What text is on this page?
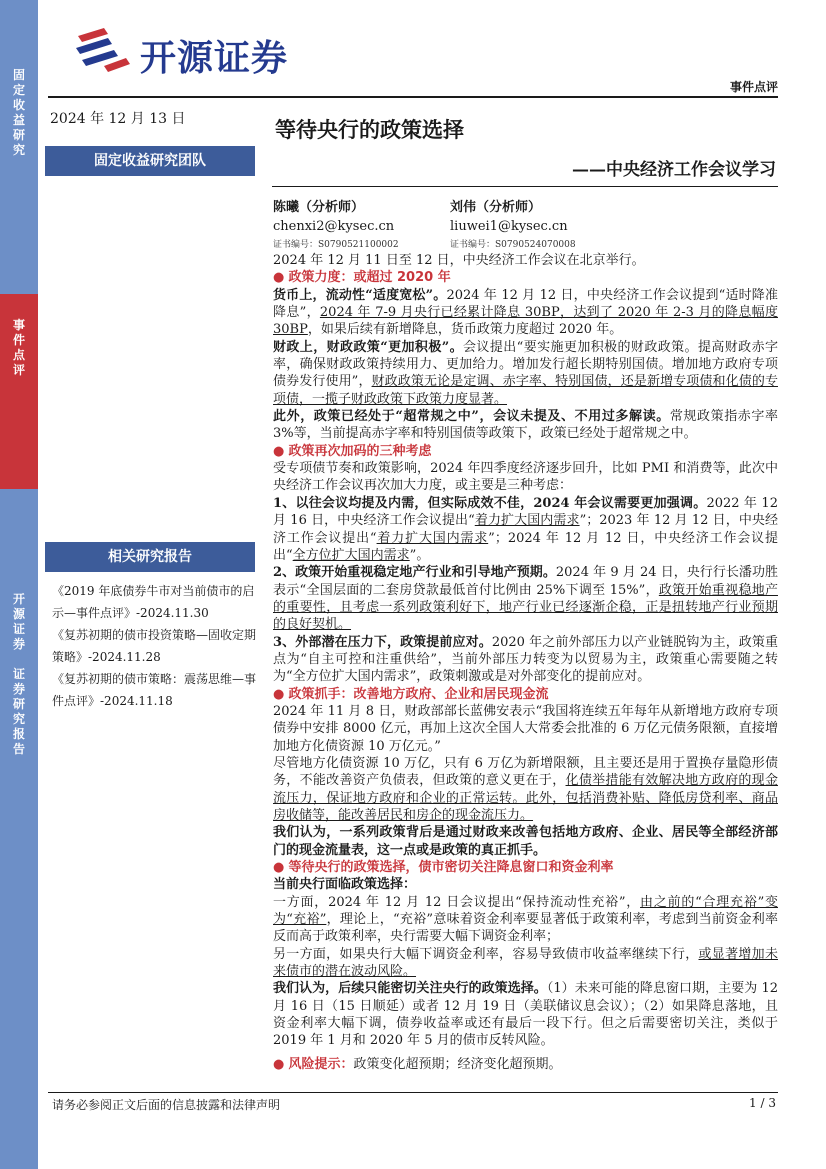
固
定
收
益
研
究
事
件
点
评
开
源
证
券

证
券
研
究
报
告
开源证券
事件点评
2024 年 12 月 13 日
固定收益研究团队
相关研究报告
《2019 年底债券牛市对当前债市的启示—事件点评》-2024.11.30
《复苏初期的债市投资策略—固收定期策略》-2024.11.28
《复苏初期的债市策略：震荡思维—事件点评》-2024.11.18
等待央行的政策选择
——中央经济工作会议学习
陈曦（分析师）
chenxi2@kysec.cn
证书编号：S0790521100002
刘伟（分析师）
liuwei1@kysec.cn
证书编号：S0790524070008

2024 年 12 月 11 日至 12 日，中央经济工作会议在北京举行。

● 政策力度：或超过 2020 年

货币上，流动性“适度宽松”。2024 年 12 月 12 日，中央经济工作会议提到“适时降准降息”，2024 年 7-9 月央行已经累计降息 30BP，达到了 2020 年 2-3 月的降息幅度 30BP，如果后续有新增降息，货币政策力度超过 2020 年。

财政上，财政政策“更加积极”。会议提出“要实施更加积极的财政政策。提高财政赤字率，确保财政政策持续用力、更加给力。增加发行超长期特别国债。增加地方政府专项债券发行使用”，财政政策无论是定调、赤字率、特别国债，还是新增专项债和化债的专项债，一揽子财政政策下政策力度显著。

此外，政策已经处于“超常规之中”，会议未提及、不用过多解读。常规政策指赤字率 3%等，当前提高赤字率和特别国债等政策下，政策已经处于超常规之中。

● 政策再次加码的三种考虑

受专项债节奏和政策影响，2024 年四季度经济逐步回升，比如 PMI 和消费等，此次中央经济工作会议再次加大力度，或主要是三种考虑：

1、以往会议均提及内需，但实际成效不佳，2024 年会议需要更加强调。2022 年 12 月 16 日，中央经济工作会议提出“着力扩大国内需求”；2023 年 12 月 12 日，中央经济工作会议提出“着力扩大国内需求”；2024 年 12 月 12 日，中央经济工作会议提出“全方位扩大国内需求”。

2、政策开始重视稳定地产行业和引导地产预期。2024 年 9 月 24 日，央行行长潘功胜表示“全国层面的二套房贷款最低首付比例由 25%下调至 15%”，政策开始重视稳地产的重要性，且考虑一系列政策利好下，地产行业已经逐渐企稳，正是扭转地产行业预期的良好契机。

3、外部潜在压力下，政策提前应对。2020 年之前外部压力以产业链脱钩为主，政策重点为“自主可控和注重供给”，当前外部压力转变为以贸易为主，政策重心需要随之转为“全方位扩大国内需求”，政策刺激或是对外部变化的提前应对。

● 政策抓手：改善地方政府、企业和居民现金流

2024 年 11 月 8 日，财政部部长蓝佛安表示“我国将连续五年每年从新增地方政府专项债券中安排 8000 亿元，再加上这次全国人大常委会批准的 6 万亿元债务限额，直接增加地方化债资源 10 万亿元。”

尽管地方化债资源 10 万亿，只有 6 万亿为新增限额，且主要还是用于置换存量隐形债务，不能改善资产负债表，但政策的意义更在于，化债举措能有效解决地方政府的现金流压力，保证地方政府和企业的正常运转。此外，包括消费补贴、降低房贷利率、商品房收储等，能改善居民和房企的现金流压力。

我们认为，一系列政策背后是通过财政来改善包括地方政府、企业、居民等全部经济部门的现金流量表，这一点或是政策的真正抓手。

● 等待央行的政策选择，债市密切关注降息窗口和资金利率

当前央行面临政策选择：

一方面，2024 年 12 月 12 日会议提出“保持流动性充裕”，由之前的“合理充裕”变为“充裕”，理论上，“充裕”意味着资金利率要显著低于政策利率，考虑到当前资金利率反而高于政策利率，央行需要大幅下调资金利率；

另一方面，如果央行大幅下调资金利率，容易导致债市收益率继续下行，或显著增加未来债市的潜在波动风险。

我们认为，后续只能密切关注央行的政策选择。（1）未来可能的降息窗口期，主要为 12 月 16 日（15 日顺延）或者 12 月 19 日（美联储议息会议）；（2）如果降息落地，且资金利率大幅下调，债券收益率或还有最后一段下行。但之后需要密切关注，类似于 2019 年 1 月和 2020 年 5 月的债市反转风险。

● 风险提示：政策变化超预期；经济变化超预期。

请务必参阅正文后面的信息披露和法律声明	1 / 3
